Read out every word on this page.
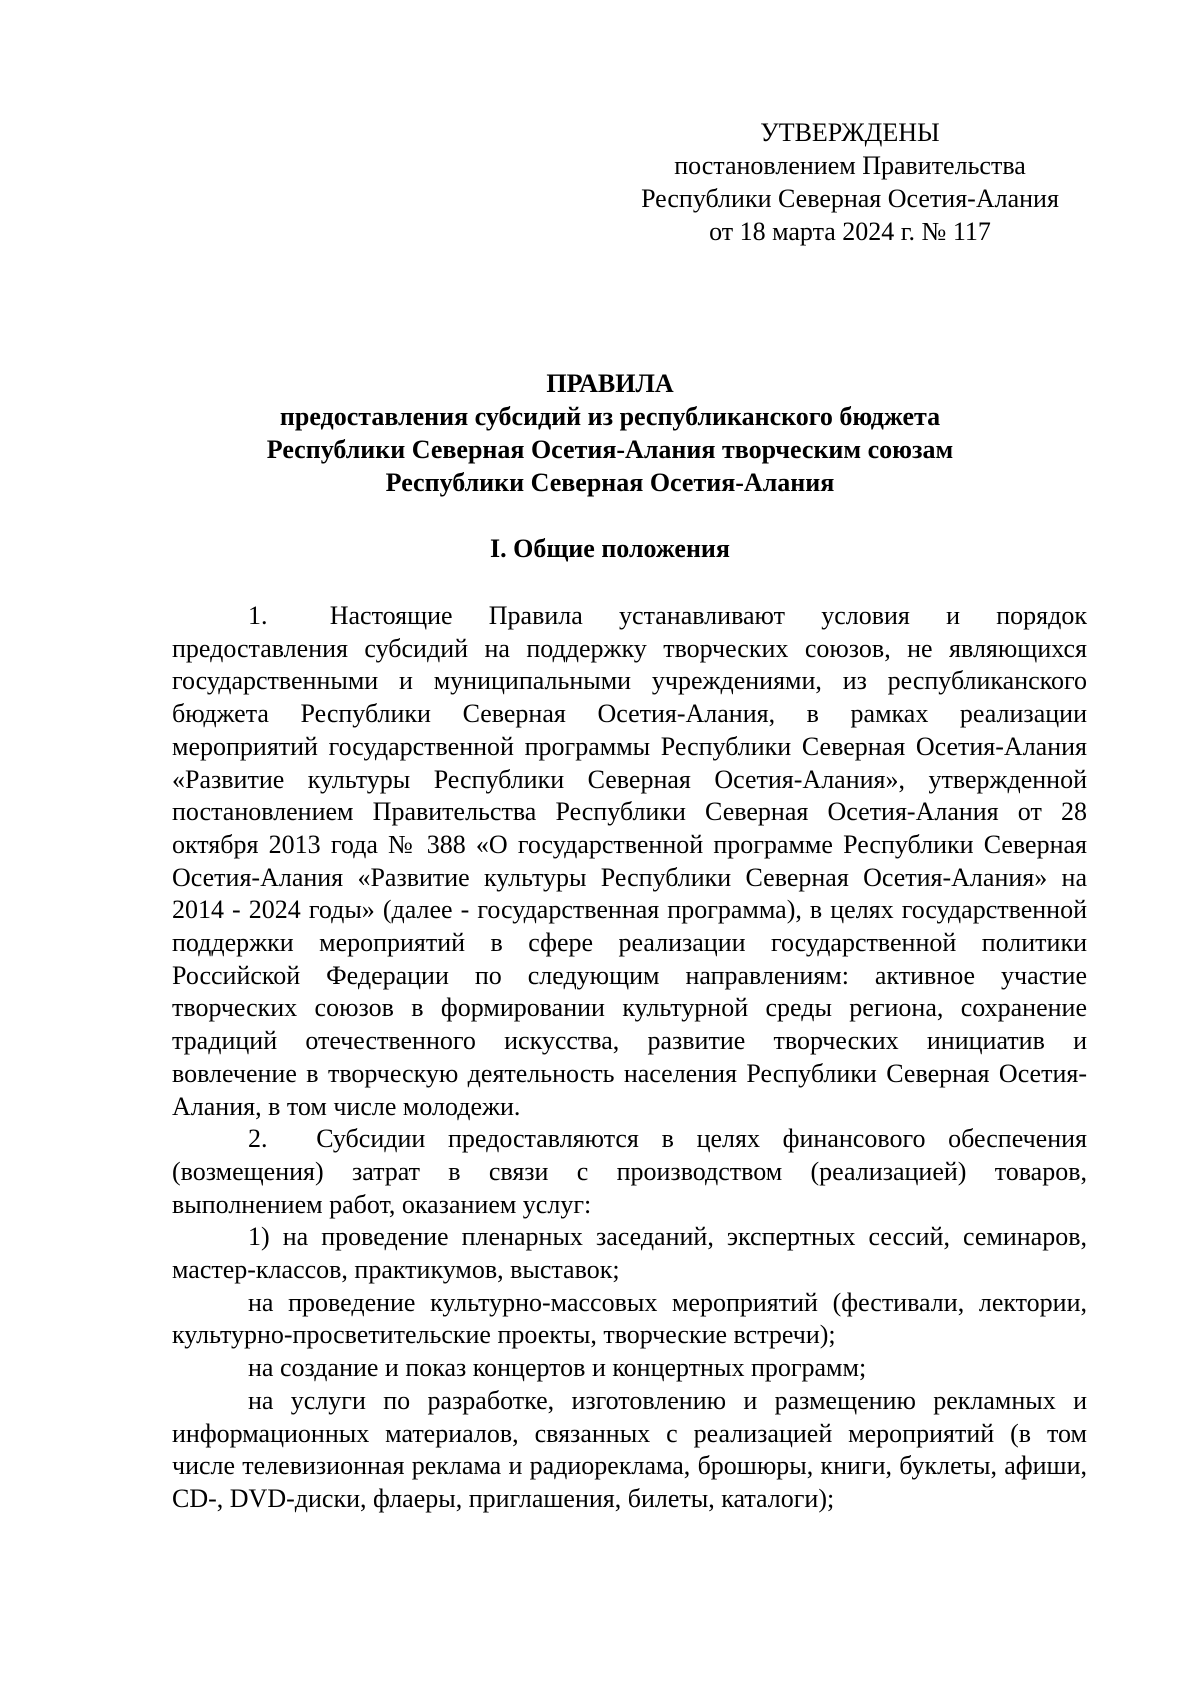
УТВЕРЖДЕНЫ
постановлением Правительства
Республики Северная Осетия-Алания
от 18 марта 2024 г. № 117
ПРАВИЛА
предоставления субсидий из республиканского бюджета
Республики Северная Осетия-Алания творческим союзам
Республики Северная Осетия-Алания
I. Общие положения

1.  Настоящие Правила устанавливают условия и порядок предоставления субсидий на поддержку творческих союзов, не являющихся государственными и муниципальными учреждениями, из республиканского бюджета Республики Северная Осетия-Алания, в рамках реализации мероприятий государственной программы Республики Северная Осетия-Алания «Развитие культуры Республики Северная Осетия-Алания», утвержденной постановлением Правительства Республики Северная Осетия-Алания от 28 октября 2013 года № 388 «О государственной программе Республики Северная Осетия-Алания «Развитие культуры Республики Северная Осетия-Алания» на 2014 - 2024 годы» (далее - государственная программа), в целях государственной поддержки мероприятий в сфере реализации государственной политики Российской Федерации по следующим направлениям: активное участие творческих союзов в формировании культурной среды региона, сохранение традиций отечественного искусства, развитие творческих инициатив и вовлечение в творческую деятельность населения Республики Северная Осетия-Алания, в том числе молодежи.

2.  Субсидии предоставляются в целях финансового обеспечения (возмещения) затрат в связи с производством (реализацией) товаров, выполнением работ, оказанием услуг:

1) на проведение пленарных заседаний, экспертных сессий, семинаров, мастер-классов, практикумов, выставок;

на проведение культурно-массовых мероприятий (фестивали, лектории, культурно-просветительские проекты, творческие встречи);

на создание и показ концертов и концертных программ;

на услуги по разработке, изготовлению и размещению рекламных и информационных материалов, связанных с реализацией мероприятий (в том числе телевизионная реклама и радиореклама, брошюры, книги, буклеты, афиши, CD-, DVD-диски, флаеры, приглашения, билеты, каталоги);
